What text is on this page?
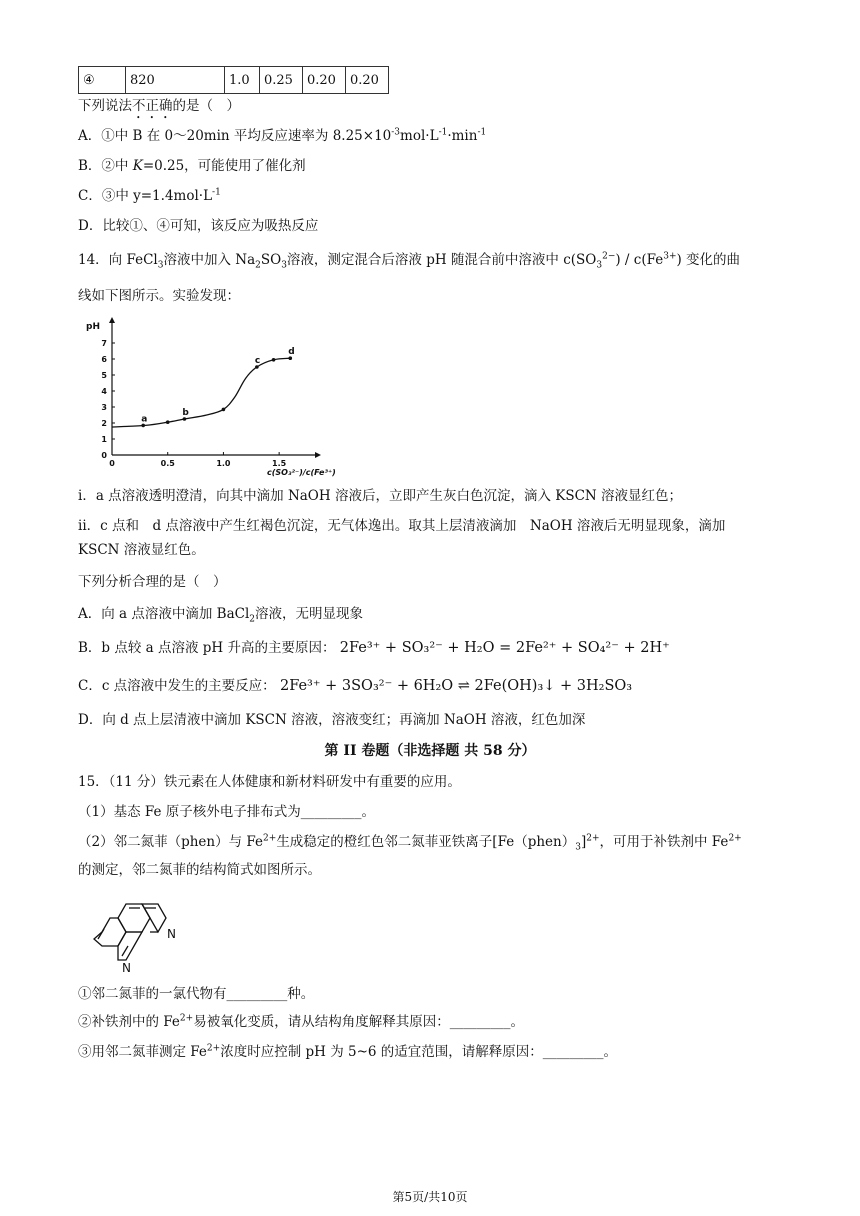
④	820	1.0	0.25	0.20	0.20
下列说法不正确的是（　）
A．①中 B 在 0～20min 平均反应速率为 $8.25\times 10^{-3}mol\cdot L^{-1}\cdot\min^{-1}$
B．②中 K=0.25，可能使用了催化剂
C．③中 $y=1.4mol\cdot L^{-1}$
D．比较①、④可知，该反应为吸热反应
14．向 FeCl$_3$溶液中加入 $Na_2SO_3$溶液，测定混合后溶液 pH 随混合前中溶液中 $c(SO_3^{2-}) / c(Fe^{3+})$ 变化的曲
线如下图所示。实验发现：
0
1
2
3
4
5
6
7
0	0.5	1.0	1.5
pH
c(SO₃²⁻)/c(Fe³⁺)
a
b
c
d
i．a 点溶液透明澄清，向其中滴加 NaOH 溶液后，立即产生灰白色沉淀，滴入 KSCN 溶液显红色；
ii．c 点和　d 点溶液中产生红褐色沉淀，无气体逸出。取其上层清液滴加　NaOH 溶液后无明显现象，滴加
KSCN 溶液显红色。
下列分析合理的是（　）
A．向 a 点溶液中滴加 BaCl$_2$溶液，无明显现象
B．b 点较 a 点溶液 pH 升高的主要原因： 2Fe³⁺ + SO₃²⁻ + H₂O = 2Fe²⁺ + SO₄²⁻ + 2H⁺
C．c 点溶液中发生的主要反应： 2Fe³⁺ + 3SO₃²⁻ + 6H₂O ⇌ 2Fe(OH)₃↓ + 3H₂SO₃
D．向 d 点上层清液中滴加 KSCN 溶液，溶液变红；再滴加 NaOH 溶液，红色加深
第 II 卷题（非选择题 共 58 分）
15．（11 分）铁元素在人体健康和新材料研发中有重要的应用。
（1）基态 Fe 原子核外电子排布式为_________。
（2）邻二氮菲（phen）与 $Fe^{2+}$生成稳定的橙红色邻二氮菲亚铁离子$[Fe(phen)_3]^{2+}$，可用于补铁剂中 $Fe^{2+}$
的测定，邻二氮菲的结构简式如图所示。
N
N
①邻二氮菲的一氯代物有_________种。
②补铁剂中的 $Fe^{2+}$易被氧化变质，请从结构角度解释其原因：_________。
③用邻二氮菲测定 $Fe^{2+}$浓度时应控制 pH 为 5~6 的适宜范围，请解释原因：_________。
第5页/共10页
